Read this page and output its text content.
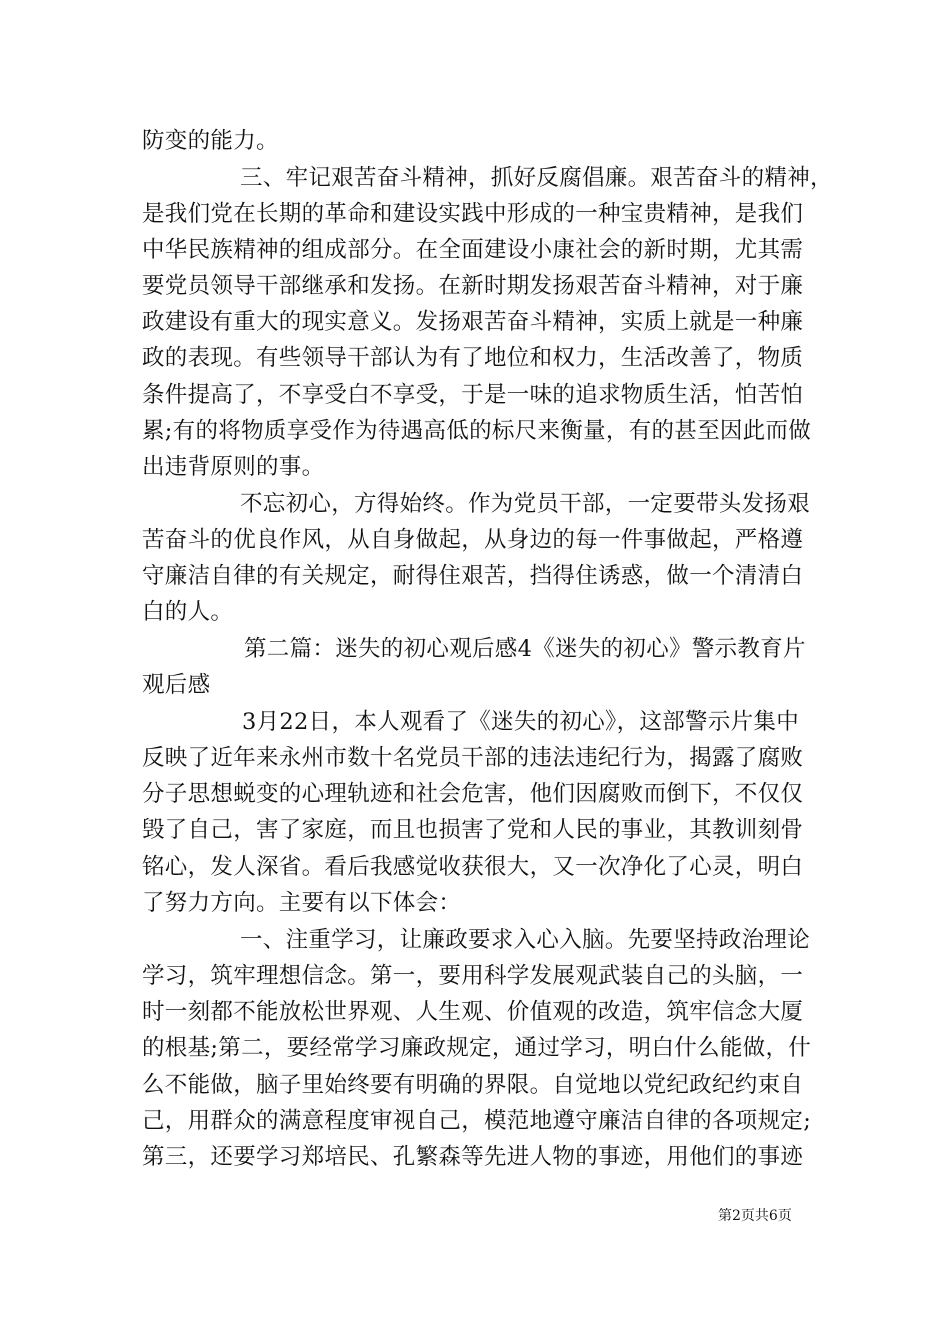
防变的能力。
三、牢记艰苦奋斗精神，抓好反腐倡廉。艰苦奋斗的精神，
是我们党在长期的革命和建设实践中形成的一种宝贵精神，是我们
中华民族精神的组成部分。在全面建设小康社会的新时期，尤其需
要党员领导干部继承和发扬。在新时期发扬艰苦奋斗精神，对于廉
政建设有重大的现实意义。发扬艰苦奋斗精神，实质上就是一种廉
政的表现。有些领导干部认为有了地位和权力，生活改善了，物质
条件提高了，不享受白不享受，于是一味的追求物质生活，怕苦怕
累;有的将物质享受作为待遇高低的标尺来衡量，有的甚至因此而做
出违背原则的事。
不忘初心，方得始终。作为党员干部，一定要带头发扬艰
苦奋斗的优良作风，从自身做起，从身边的每一件事做起，严格遵
守廉洁自律的有关规定，耐得住艰苦，挡得住诱惑，做一个清清白
白的人。
第二篇：迷失的初心观后感4《迷失的初心》警示教育片
观后感
3月22日，本人观看了《迷失的初心》，这部警示片集中
反映了近年来永州市数十名党员干部的违法违纪行为，揭露了腐败
分子思想蜕变的心理轨迹和社会危害，他们因腐败而倒下，不仅仅
毁了自己，害了家庭，而且也损害了党和人民的事业，其教训刻骨
铭心，发人深省。看后我感觉收获很大，又一次净化了心灵，明白
了努力方向。主要有以下体会：
一、注重学习，让廉政要求入心入脑。先要坚持政治理论
学习，筑牢理想信念。第一，要用科学发展观武装自己的头脑，一
时一刻都不能放松世界观、人生观、价值观的改造，筑牢信念大厦
的根基;第二，要经常学习廉政规定，通过学习，明白什么能做，什
么不能做，脑子里始终要有明确的界限。自觉地以党纪政纪约束自
己，用群众的满意程度审视自己，模范地遵守廉洁自律的各项规定;
第三，还要学习郑培民、孔繁森等先进人物的事迹，用他们的事迹
第2页共6页
